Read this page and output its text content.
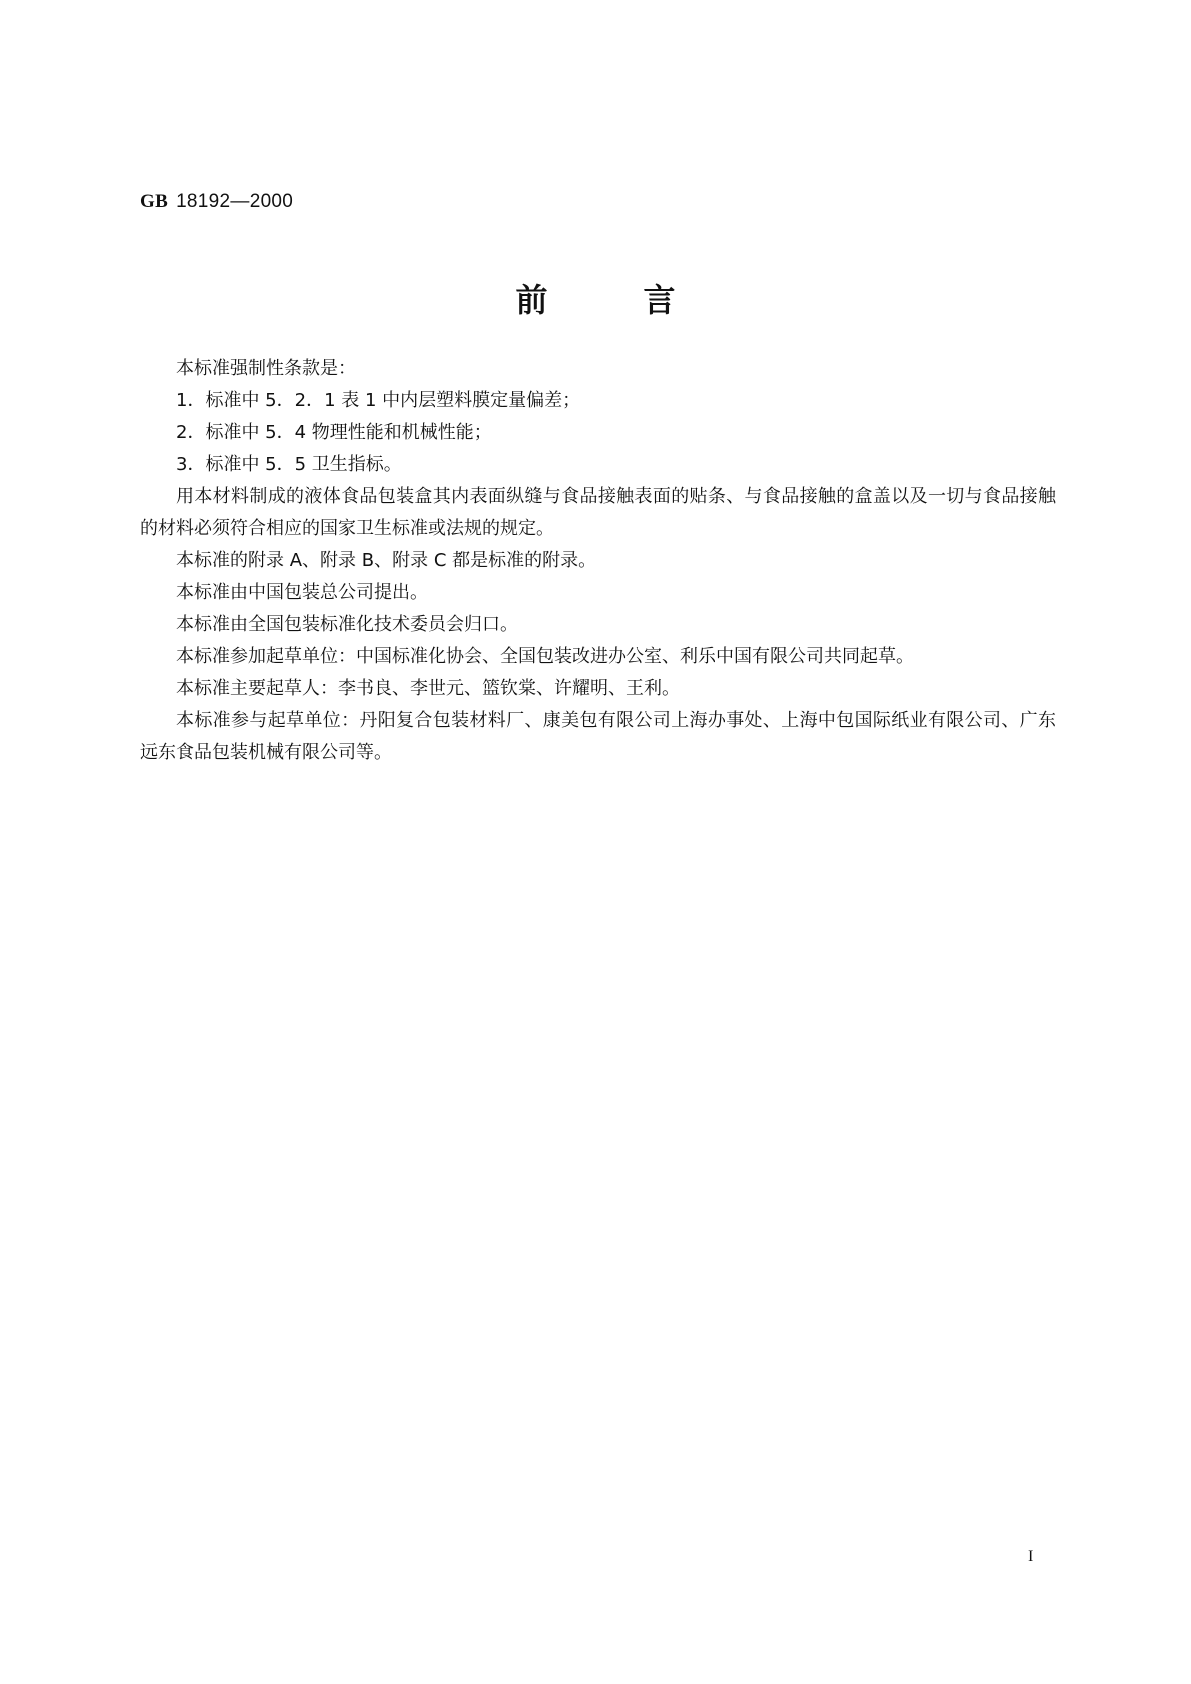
GB 18192—2000
前	言

本标准强制性条款是：

1．标准中 5．2．1 表 1 中内层塑料膜定量偏差；

2．标准中 5．4 物理性能和机械性能；

3．标准中 5．5 卫生指标。

用本材料制成的液体食品包装盒其内表面纵缝与食品接触表面的贴条、与食品接触的盒盖以及一切与食品接触的材料必须符合相应的国家卫生标准或法规的规定。

本标准的附录 A、附录 B、附录 C 都是标准的附录。

本标准由中国包装总公司提出。

本标准由全国包装标准化技术委员会归口。

本标准参加起草单位：中国标准化协会、全国包装改进办公室、利乐中国有限公司共同起草。

本标准主要起草人：李书良、李世元、篮钦棠、许耀明、王利。

本标准参与起草单位：丹阳复合包装材料厂、康美包有限公司上海办事处、上海中包国际纸业有限公司、广东远东食品包装机械有限公司等。

I
